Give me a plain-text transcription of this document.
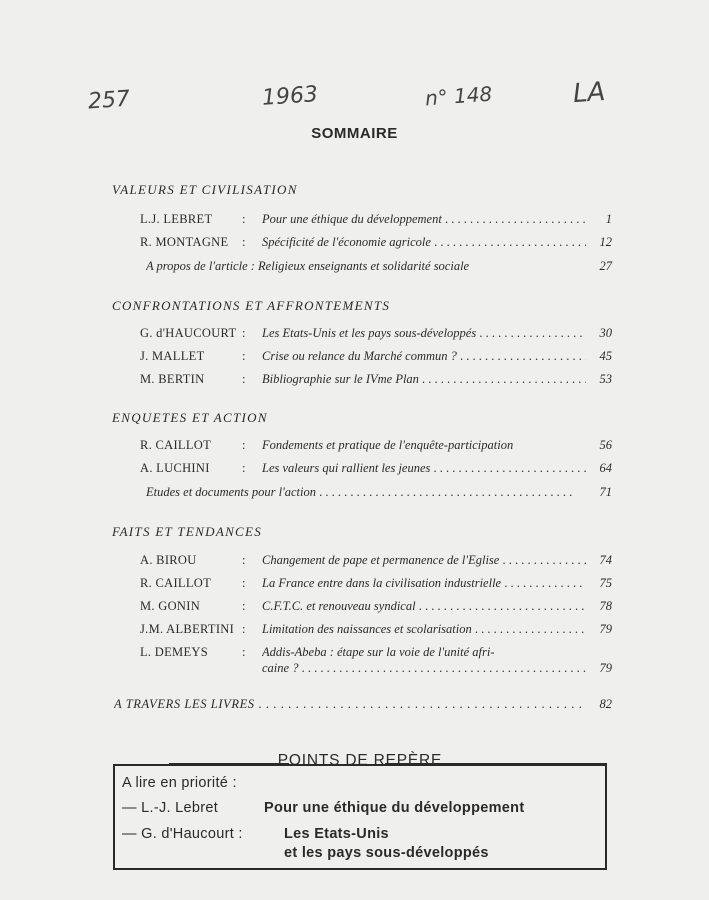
257	1963	n° 148	LA
SOMMAIRE
VALEURS ET CIVILISATION
L.J. LEBRET : Pour une éthique du développement . . .	1
R. MONTAGNE : Spécificité de l'économie agricole . . .	12
A propos de l'article : Religieux enseignants et solidarité sociale	27
CONFRONTATIONS ET AFFRONTEMENTS
G. d'HAUCOURT : Les Etats-Unis et les pays sous-développés . . .	30
J. MALLET	: Crise ou relance du Marché commun ? . . .	45
M. BERTIN	: Bibliographie sur le IVme Plan . . .	53
ENQUETES ET ACTION
R. CAILLOT : Fondements et pratique de l'enquête-participation	56
A. LUCHINI	: Les valeurs qui rallient les jeunes . . .	64
Etudes et documents pour l'action . . .	71
FAITS ET TENDANCES
A. BIROU	: Changement de pape et permanence de l'Eglise . . .	74
R. CAILLOT : La France entre dans la civilisation industrielle . . .	75
M. GONIN	: C.F.T.C. et renouveau syndical . . .	78
J.M. ALBERTINI : Limitation des naissances et scolarisation . . .	79
L. DEMEYS	: Addis-Abeba : étape sur la voie de l'unité afri-
caine ? . . .	79
A TRAVERS LES LIVRES . . .	82
POINTS DE REPÈRE
A lire en priorité :
— L.-J. Lebret	Pour une éthique du développement
— G. d'Haucourt :	Les Etats-Unis
et les pays sous-développés
